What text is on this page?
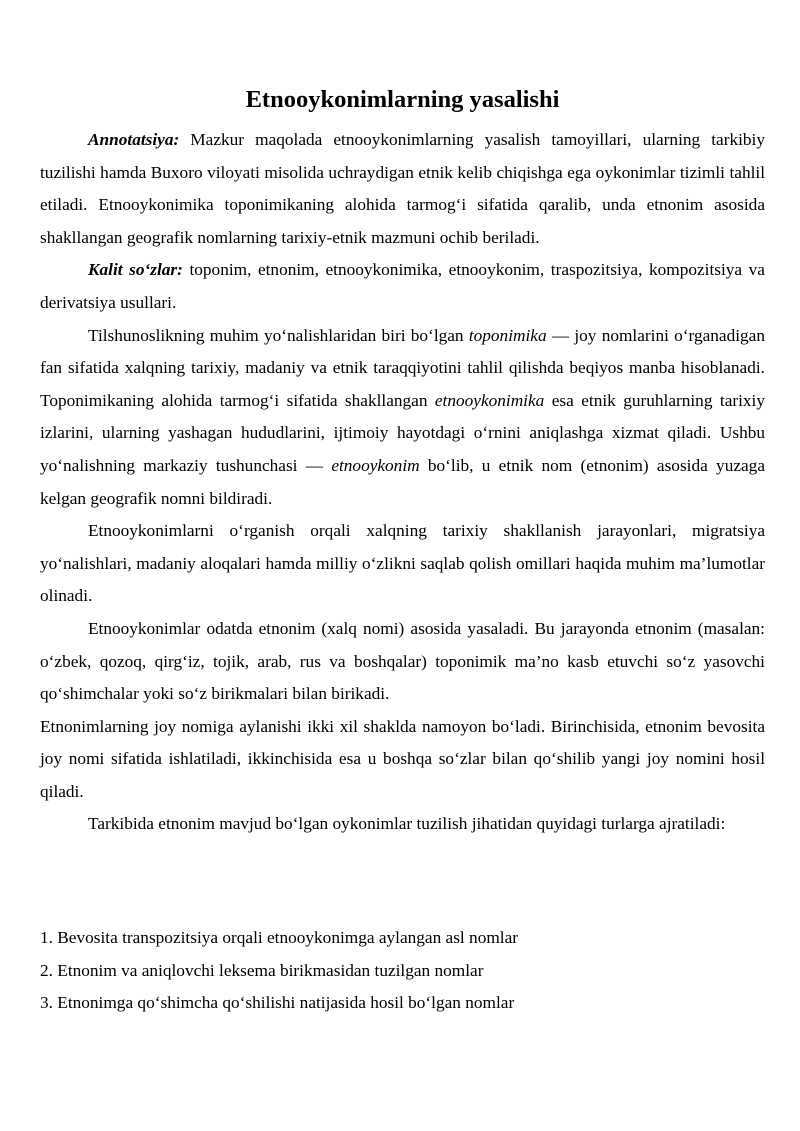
Etnooykonimlarning yasalishi

Annotatsiya: Mazkur maqolada etnooykonimlarning yasalish tamoyillari, ularning tarkibiy tuzilishi hamda Buxoro viloyati misolida uchraydigan etnik kelib chiqishga ega oykonimlar tizimli tahlil etiladi. Etnooykonimika toponimikaning alohida tarmog‘i sifatida qaralib, unda etnonim asosida shakllangan geografik nomlarning tarixiy-etnik mazmuni ochib beriladi.

Kalit so‘zlar: toponim, etnonim, etnooykonimika, etnooykonim, traspozitsiya, kompozitsiya va derivatsiya usullari.

Tilshunoslikning muhim yo‘nalishlaridan biri bo‘lgan toponimika — joy nomlarini o‘rganadigan fan sifatida xalqning tarixiy, madaniy va etnik taraqqiyotini tahlil qilishda beqiyos manba hisoblanadi. Toponimikaning alohida tarmog‘i sifatida shakllangan etnooykonimika esa etnik guruhlarning tarixiy izlarini, ularning yashagan hududlarini, ijtimoiy hayotdagi o‘rnini aniqlashga xizmat qiladi. Ushbu yo‘nalishning markaziy tushunchasi — etnooykonim bo‘lib, u etnik nom (etnonim) asosida yuzaga kelgan geografik nomni bildiradi.

Etnooykonimlarni o‘rganish orqali xalqning tarixiy shakllanish jarayonlari, migratsiya yo‘nalishlari, madaniy aloqalari hamda milliy o‘zlikni saqlab qolish omillari haqida muhim ma’lumotlar olinadi.

Etnooykonimlar odatda etnonim (xalq nomi) asosida yasaladi. Bu jarayonda etnonim (masalan: o‘zbek, qozoq, qirg‘iz, tojik, arab, rus va boshqalar) toponimik ma’no kasb etuvchi so‘z yasovchi qo‘shimchalar yoki so‘z birikmalari bilan birikadi.

Etnonimlarning joy nomiga aylanishi ikki xil shaklda namoyon bo‘ladi. Birinchisida, etnonim bevosita joy nomi sifatida ishlatiladi, ikkinchisida esa u boshqa so‘zlar bilan qo‘shilib yangi joy nomini hosil qiladi.

Tarkibida etnonim mavjud bo‘lgan oykonimlar tuzilish jihatidan quyidagi turlarga ajratiladi:

1. Bevosita transpozitsiya orqali etnooykonimga aylangan asl nomlar
2. Etnonim va aniqlovchi leksema birikmasidan tuzilgan nomlar
3. Etnonimga qo‘shimcha qo‘shilishi natijasida hosil bo‘lgan nomlar
